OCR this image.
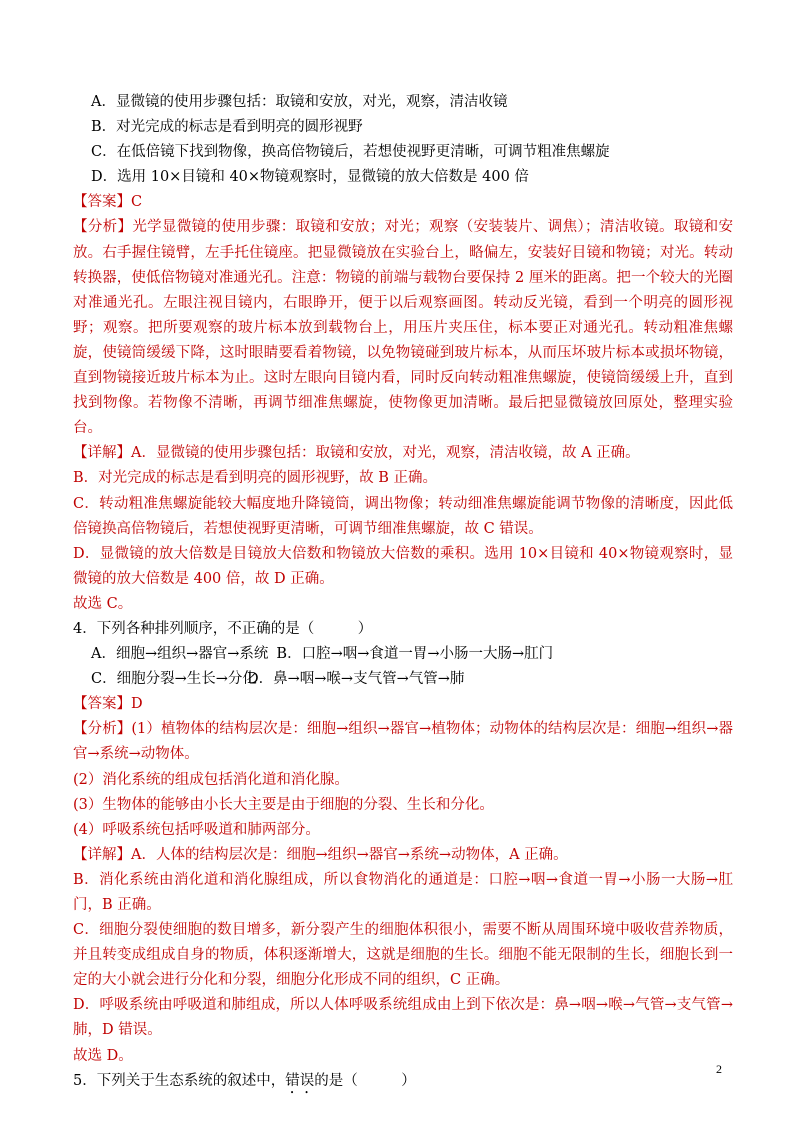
A．显微镜的使用步骤包括：取镜和安放，对光，观察，清洁收镜
B．对光完成的标志是看到明亮的圆形视野
C．在低倍镜下找到物像，换高倍物镜后，若想使视野更清晰，可调节粗准焦螺旋
D．选用 10×目镜和 40×物镜观察时，显微镜的放大倍数是 400 倍
【答案】C
【分析】光学显微镜的使用步骤：取镜和安放；对光；观察（安装装片、调焦）；清洁收镜。取镜和安放。右手握住镜臂，左手托住镜座。把显微镜放在实验台上，略偏左，安装好目镜和物镜；对光。转动转换器，使低倍物镜对准通光孔。注意：物镜的前端与载物台要保持 2 厘米的距离。把一个较大的光圈对准通光孔。左眼注视目镜内，右眼睁开，便于以后观察画图。转动反光镜，看到一个明亮的圆形视野；观察。把所要观察的玻片标本放到载物台上，用压片夹压住，标本要正对通光孔。转动粗准焦螺旋，使镜筒缓缓下降，这时眼睛要看着物镜，以免物镜碰到玻片标本，从而压坏玻片标本或损坏物镜，直到物镜接近玻片标本为止。这时左眼向目镜内看，同时反向转动粗准焦螺旋，使镜筒缓缓上升，直到找到物像。若物像不清晰，再调节细准焦螺旋，使物像更加清晰。最后把显微镜放回原处，整理实验台。
【详解】A．显微镜的使用步骤包括：取镜和安放，对光，观察，清洁收镜，故 A 正确。
B．对光完成的标志是看到明亮的圆形视野，故 B 正确。
C．转动粗准焦螺旋能较大幅度地升降镜筒，调出物像；转动细准焦螺旋能调节物像的清晰度，因此低倍镜换高倍物镜后，若想使视野更清晰，可调节细准焦螺旋，故 C 错误。
D．显微镜的放大倍数是目镜放大倍数和物镜放大倍数的乘积。选用 10×目镜和 40×物镜观察时，显微镜的放大倍数是 400 倍，故 D 正确。
故选 C。
4．下列各种排列顺序，不正确的是（　　　）
A．细胞→组织→器官→系统 B．口腔→咽→食道一胃→小肠一大肠→肛门
C．细胞分裂→生长→分化D．鼻→咽→喉→支气管→气管→肺
【答案】D
【分析】(1）植物体的结构层次是：细胞→组织→器官→植物体；动物体的结构层次是：细胞→组织→器官→系统→动物体。
(2）消化系统的组成包括消化道和消化腺。
(3）生物体的能够由小长大主要是由于细胞的分裂、生长和分化。
(4）呼吸系统包括呼吸道和肺两部分。
【详解】A．人体的结构层次是：细胞→组织→器官→系统→动物体，A 正确。
B．消化系统由消化道和消化腺组成，所以食物消化的通道是：口腔→咽→食道一胃→小肠一大肠→肛门，B 正确。
C．细胞分裂使细胞的数目增多，新分裂产生的细胞体积很小，需要不断从周围环境中吸收营养物质，并且转变成组成自身的物质，体积逐渐增大，这就是细胞的生长。细胞不能无限制的生长，细胞长到一定的大小就会进行分化和分裂，细胞分化形成不同的组织，C 正确。
D．呼吸系统由呼吸道和肺组成，所以人体呼吸系统组成由上到下依次是：鼻→咽→喉→气管→支气管→肺，D 错误。
故选 D。
5．下列关于生态系统的叙述中，错误的是（　　　）
2
